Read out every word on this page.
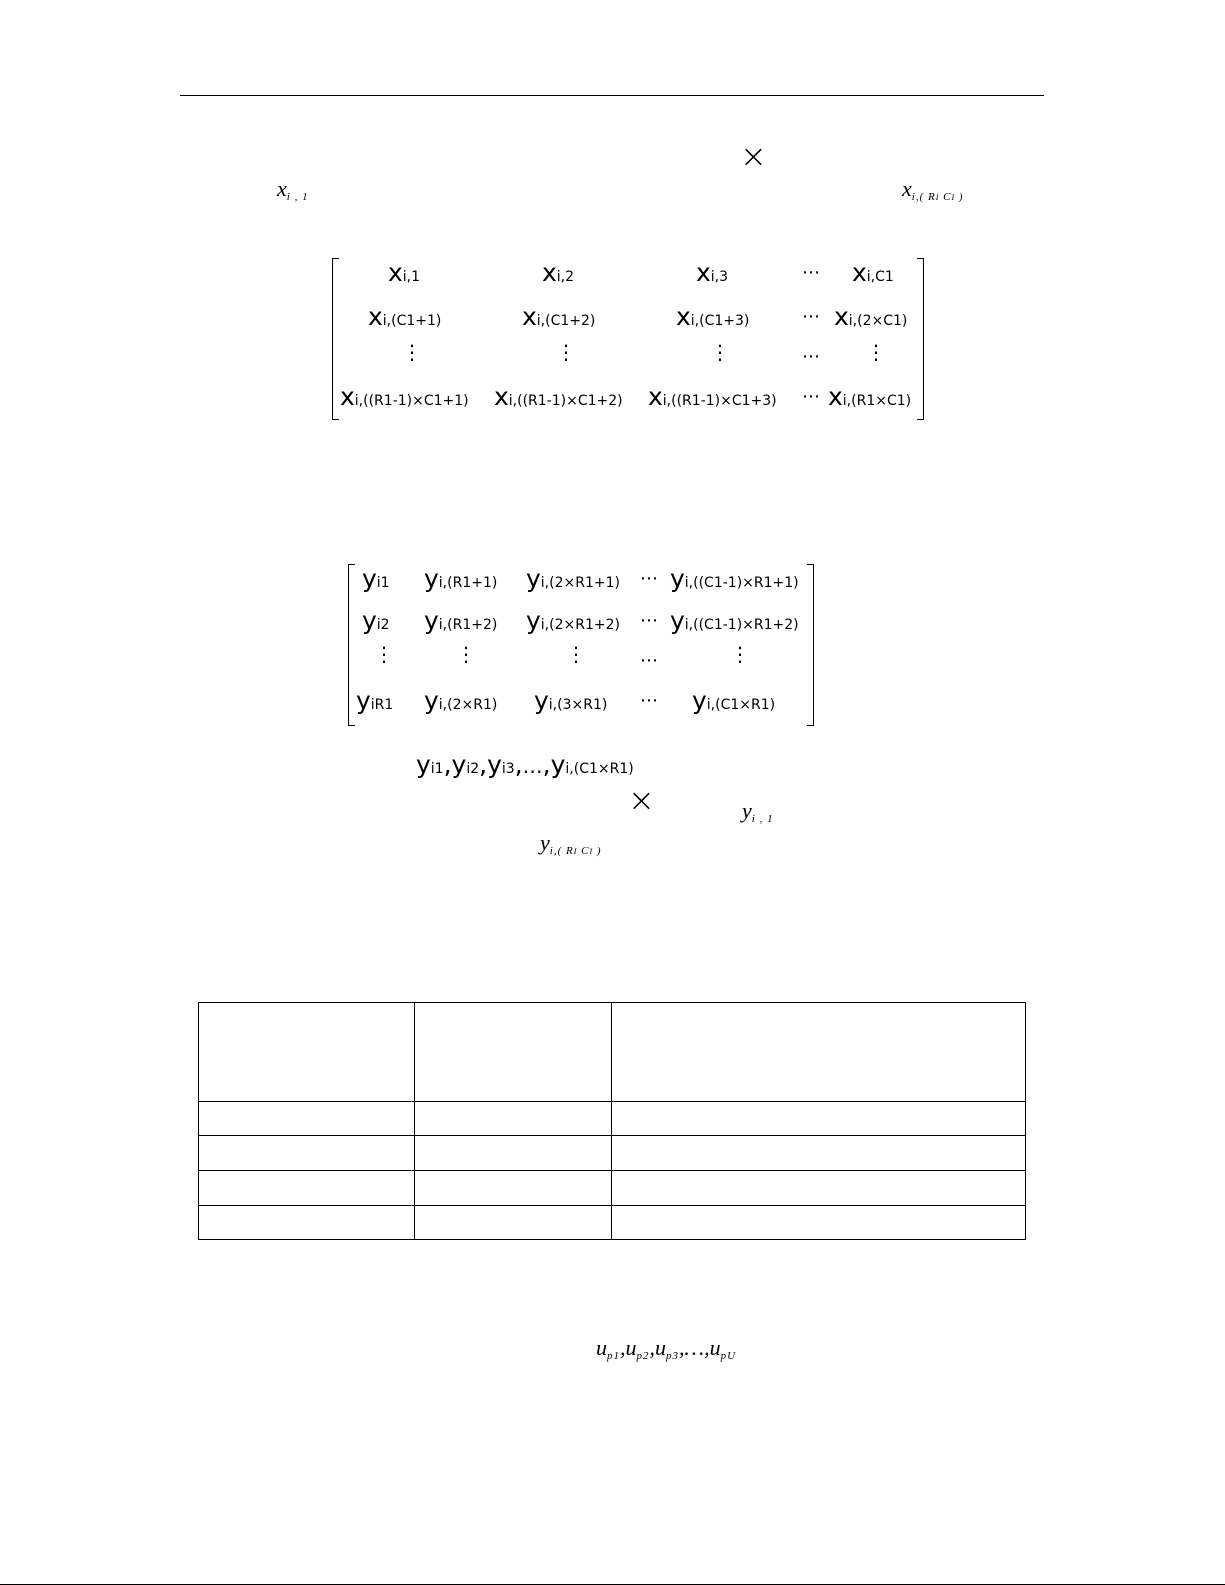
×
$x_{i , 1}$	$x_{i,( RI CI )}$
xi,1	xi,2	xi,3	⋯ xi,C1
xi,(C1+1)	xi,(C1+2)	xi,(C1+3)	⋯ xi,(2×C1)
⋮	⋮	⋮	⋯ ⋮
xi,((R1-1)×C1+1) xi,((R1-1)×C1+2) xi,((R1-1)×C1+3) ⋯ xi,(R1×C1)
yi1 yi,(R1+1) yi,(2×R1+1) ⋯ yi,((C1-1)×R1+1)
yi2 yi,(R1+2) yi,(2×R1+2) ⋯ yi,((C1-1)×R1+2)
⋮	⋮	⋮	⋯	⋮
yiR1 yi,(2×R1) yi,(3×R1) ⋯ yi,(C1×R1)
yi1,yi2,yi3,…,yi,(C1×R1)
×	$y_{i , 1}$
$y_{i,( RI CI )}$

$u_{p1},u_{p2},u_{p3},\dots,u_{pU}$
